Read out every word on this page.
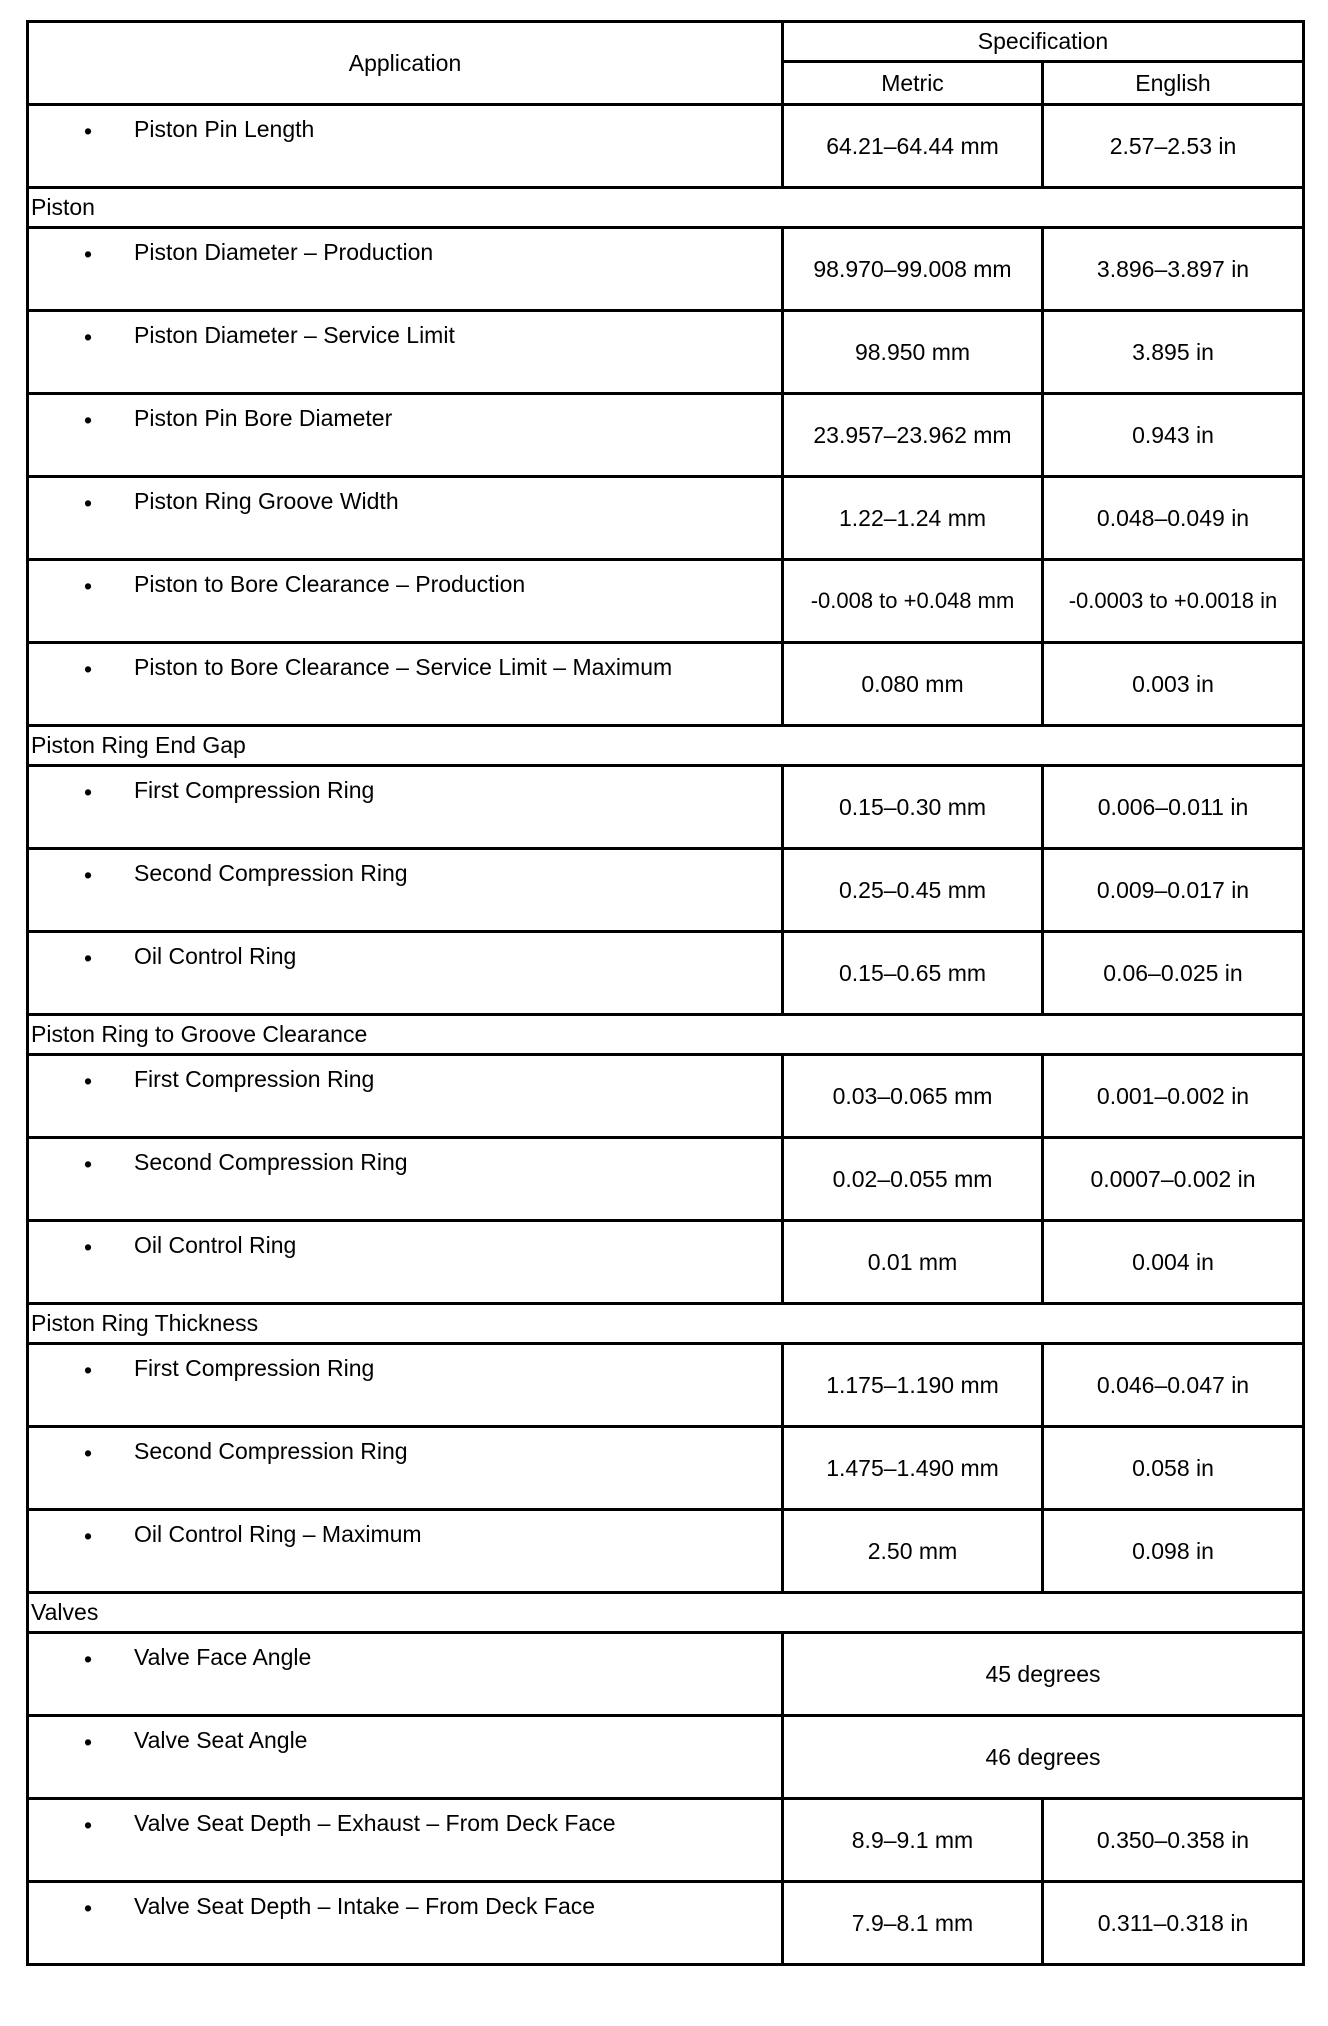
Application	Specification	
	Metric	English

• Piston Pin Length	64.21–64.44 mm	2.57–2.53 in
Piston		

• Piston Diameter – Production	98.970–99.008 mm	3.896–3.897 in

• Piston Diameter – Service Limit	98.950 mm	3.895 in

• Piston Pin Bore Diameter	23.957–23.962 mm	0.943 in

• Piston Ring Groove Width	1.22–1.24 mm	0.048–0.049 in

• Piston to Bore Clearance – Production	-0.008 to +0.048 mm	-0.0003 to +0.0018 in

• Piston to Bore Clearance – Service Limit – Maximum	0.080 mm	0.003 in
Piston Ring End Gap		

• First Compression Ring	0.15–0.30 mm	0.006–0.011 in

• Second Compression Ring	0.25–0.45 mm	0.009–0.017 in

• Oil Control Ring	0.15–0.65 mm	0.06–0.025 in
Piston Ring to Groove Clearance		

• First Compression Ring	0.03–0.065 mm	0.001–0.002 in

• Second Compression Ring	0.02–0.055 mm	0.0007–0.002 in

• Oil Control Ring	0.01 mm	0.004 in
Piston Ring Thickness		

• First Compression Ring	1.175–1.190 mm	0.046–0.047 in

• Second Compression Ring	1.475–1.490 mm	0.058 in

• Oil Control Ring – Maximum	2.50 mm	0.098 in
Valves		

• Valve Face Angle	45 degrees	

• Valve Seat Angle	46 degrees	

• Valve Seat Depth – Exhaust – From Deck Face	8.9–9.1 mm	0.350–0.358 in

• Valve Seat Depth – Intake – From Deck Face	7.9–8.1 mm	0.311–0.318 in
